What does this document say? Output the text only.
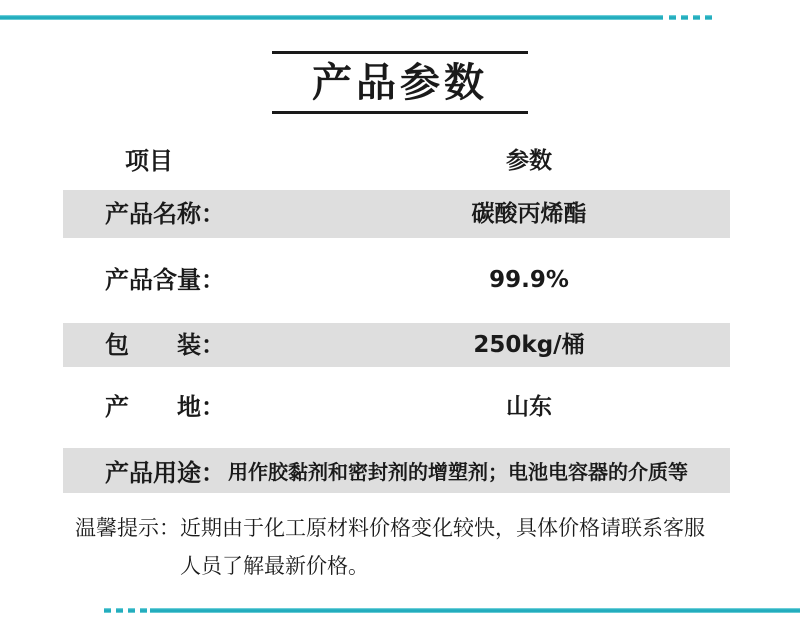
产品参数
项目	参数
产品名称：	碳酸丙烯酯
产品含量：	99.9%
包　　装：	250kg/桶
产　　地：	山东
产品用途： 用作胶黏剂和密封剂的增塑剂；电池电容器的介质等
温馨提示： 近期由于化工原材料价格变化较快，具体价格请联系客服
人员了解最新价格。
